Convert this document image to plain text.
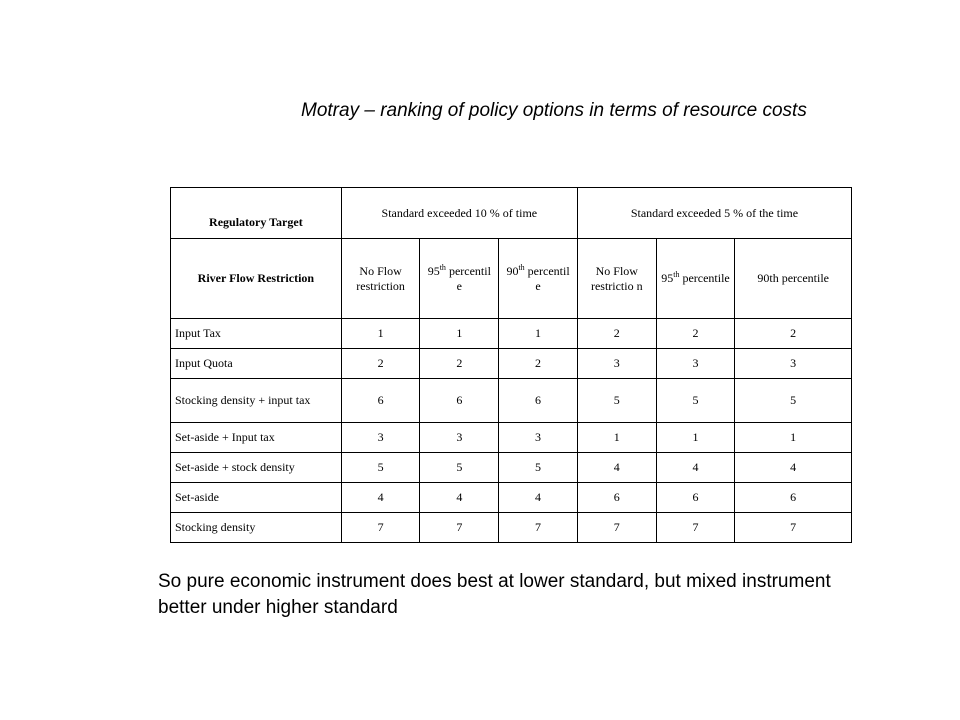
Motray – ranking of policy options in terms of resource costs
Regulatory Target	Standard exceeded 10 % of time			Standard exceeded 5 % of the time		
River Flow Restriction	No Flow restriction	95th percentil e	90th percentil e	No Flow restrictio n	95th percentile	90th percentile
Input Tax	1	1	1	2	2	2
Input Quota	2	2	2	3	3	3
Stocking density + input tax	6	6	6	5	5	5
Set-aside + Input tax	3	3	3	1	1	1
Set-aside + stock density	5	5	5	4	4	4
Set-aside	4	4	4	6	6	6
Stocking density	7	7	7	7	7	7
So pure economic instrument does best at lower standard, but mixed instrument better under higher standard
